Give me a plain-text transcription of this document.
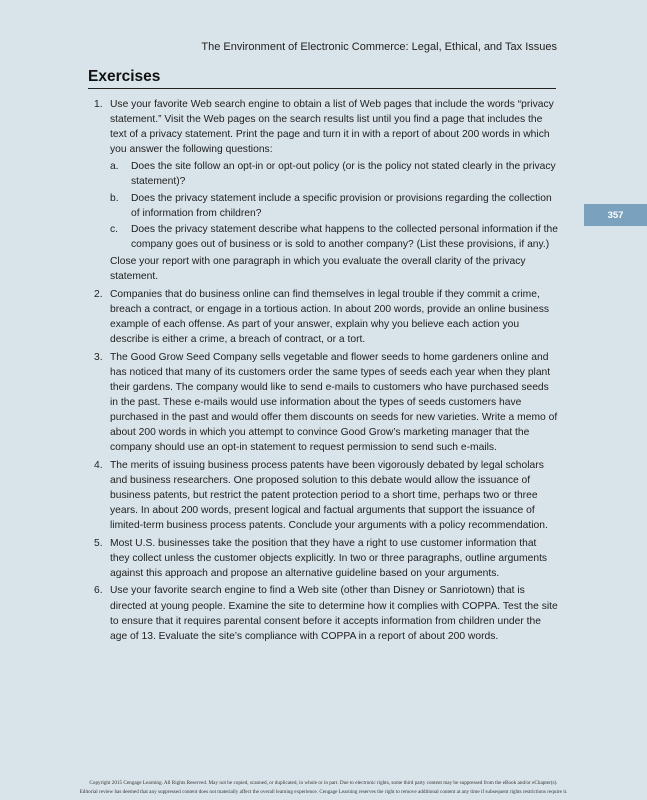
The Environment of Electronic Commerce: Legal, Ethical, and Tax Issues
Exercises
357
1. Use your favorite Web search engine to obtain a list of Web pages that include the words “privacy statement.” Visit the Web pages on the search results list until you find a page that includes the text of a privacy statement. Print the page and turn it in with a report of about 200 words in which you answer the following questions:
a. Does the site follow an opt-in or opt-out policy (or is the policy not stated clearly in the privacy statement)?
b. Does the privacy statement include a specific provision or provisions regarding the collection of information from children?
c. Does the privacy statement describe what happens to the collected personal information if the company goes out of business or is sold to another company? (List these provisions, if any.)
Close your report with one paragraph in which you evaluate the overall clarity of the privacy statement.
2. Companies that do business online can find themselves in legal trouble if they commit a crime, breach a contract, or engage in a tortious action. In about 200 words, provide an online business example of each offense. As part of your answer, explain why you believe each action you describe is either a crime, a breach of contract, or a tort.
3. The Good Grow Seed Company sells vegetable and flower seeds to home gardeners online and has noticed that many of its customers order the same types of seeds each year when they plant their gardens. The company would like to send e-mails to customers who have purchased seeds in the past. These e-mails would use information about the types of seeds customers have purchased in the past and would offer them discounts on seeds for new varieties. Write a memo of about 200 words in which you attempt to convince Good Grow’s marketing manager that the company should use an opt-in statement to request permission to send such e-mails.
4. The merits of issuing business process patents have been vigorously debated by legal scholars and business researchers. One proposed solution to this debate would allow the issuance of business patents, but restrict the patent protection period to a short time, perhaps two or three years. In about 200 words, present logical and factual arguments that support the issuance of limited-term business process patents. Conclude your arguments with a policy recommendation.
5. Most U.S. businesses take the position that they have a right to use customer information that they collect unless the customer objects explicitly. In two or three paragraphs, outline arguments against this approach and propose an alternative guideline based on your arguments.
6. Use your favorite search engine to find a Web site (other than Disney or Sanriotown) that is directed at young people. Examine the site to determine how it complies with COPPA. Test the site to ensure that it requires parental consent before it accepts information from children under the age of 13. Evaluate the site’s compliance with COPPA in a report of about 200 words.
Copyright 2015 Cengage Learning. All Rights Reserved. May not be copied, scanned, or duplicated, in whole or in part. Due to electronic rights, some third party content may be suppressed from the eBook and/or eChapter(s).
Editorial review has deemed that any suppressed content does not materially affect the overall learning experience. Cengage Learning reserves the right to remove additional content at any time if subsequent rights restrictions require it.
